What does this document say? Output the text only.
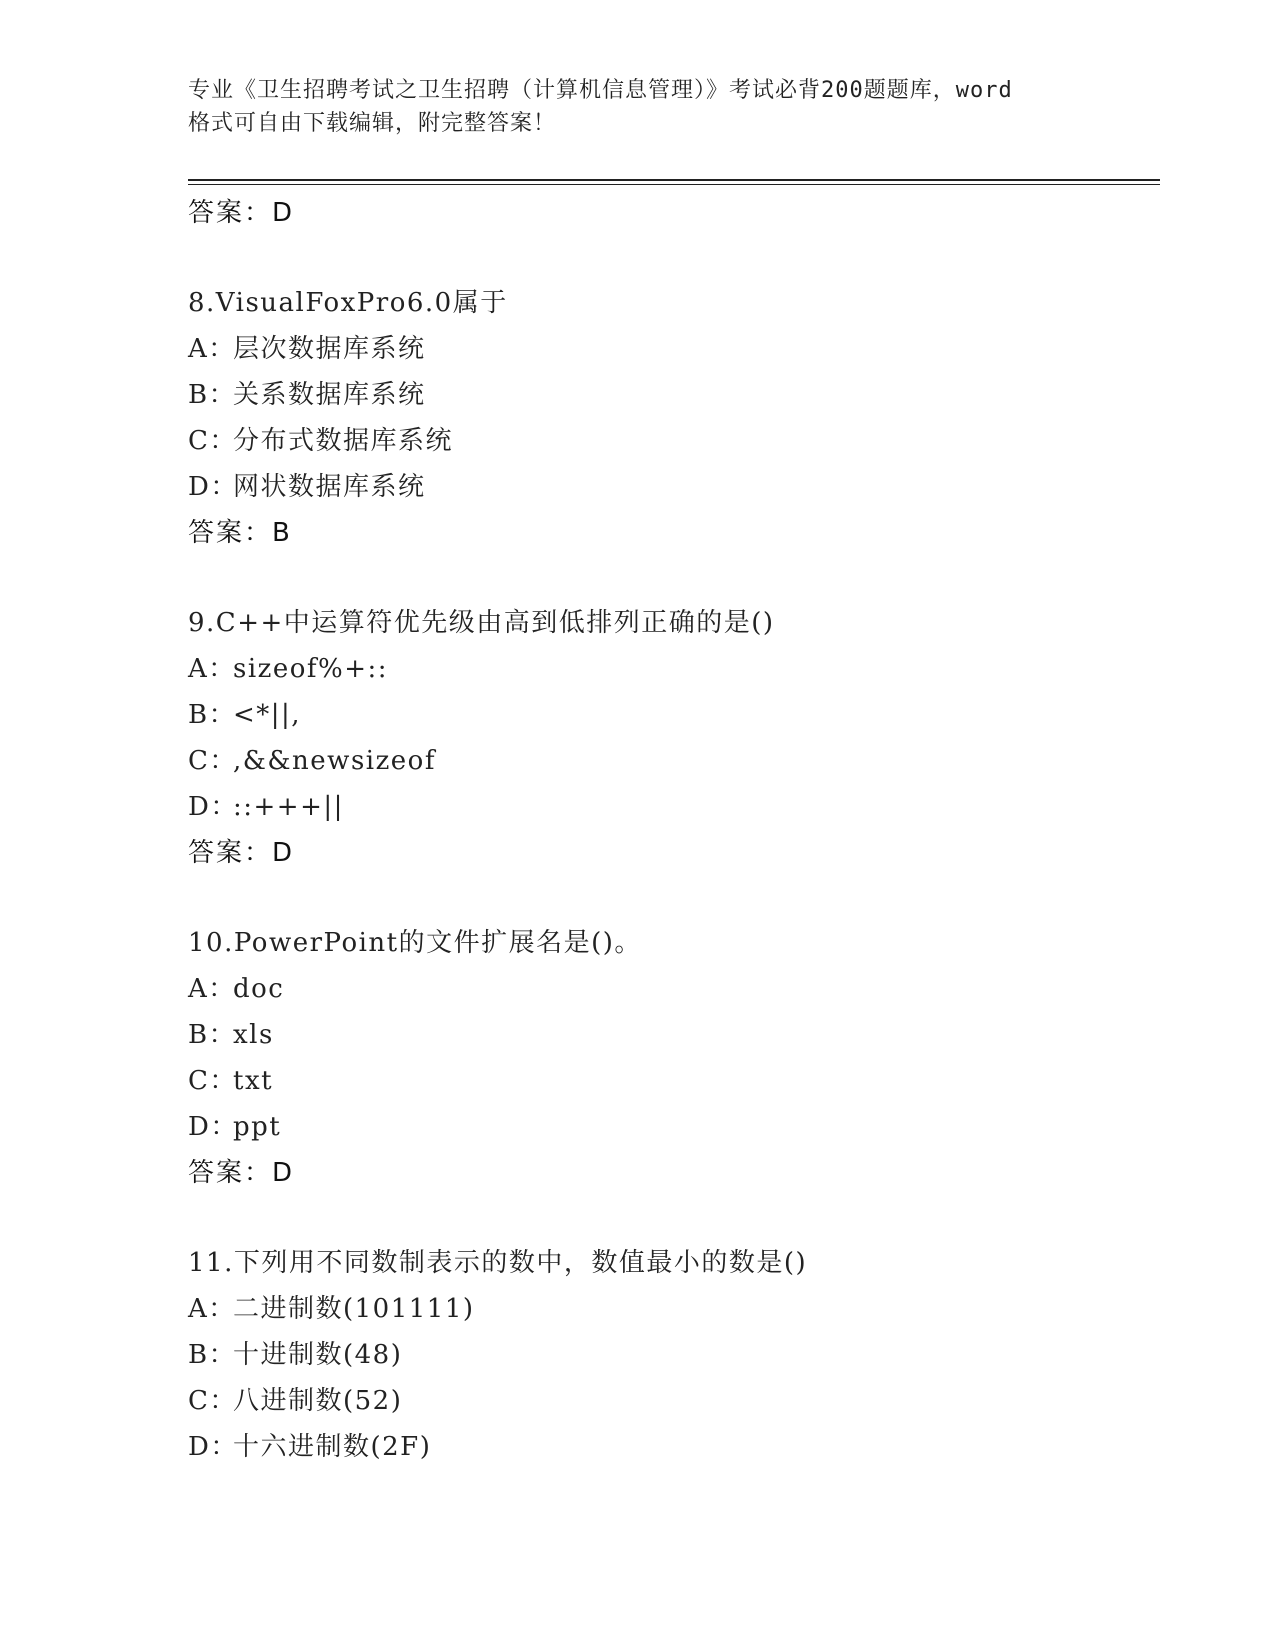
专业《卫生招聘考试之卫生招聘（计算机信息管理）》考试必背200题题库，word
格式可自由下载编辑，附完整答案！
答案：D
8.VisualFoxPro6.0属于
A：层次数据库系统
B：关系数据库系统
C：分布式数据库系统
D：网状数据库系统
答案：B
9.C++中运算符优先级由高到低排列正确的是()
A：sizeof%+::
B：<*||,
C：,&&newsizeof
D：::+++||
答案：D
10.PowerPoint的文件扩展名是()。
A：doc
B：xls
C：txt
D：ppt
答案：D
11.下列用不同数制表示的数中，数值最小的数是()
A：二进制数(101111)
B：十进制数(48)
C：八进制数(52)
D：十六进制数(2F)
